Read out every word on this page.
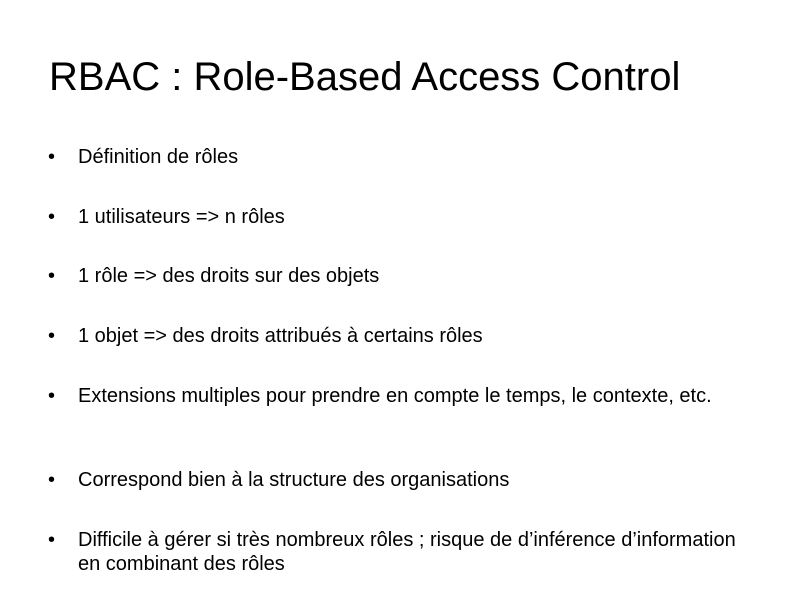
RBAC : Role-Based Access Control
• Définition de rôles
• 1 utilisateurs => n rôles
• 1 rôle => des droits sur des objets
• 1 objet => des droits attribués à certains rôles
• Extensions multiples pour prendre en compte le temps, le contexte, etc.
• Correspond bien à la structure des organisations
• Difficile à gérer si très nombreux rôles ; risque de d’inférence d’information en combinant des rôles
